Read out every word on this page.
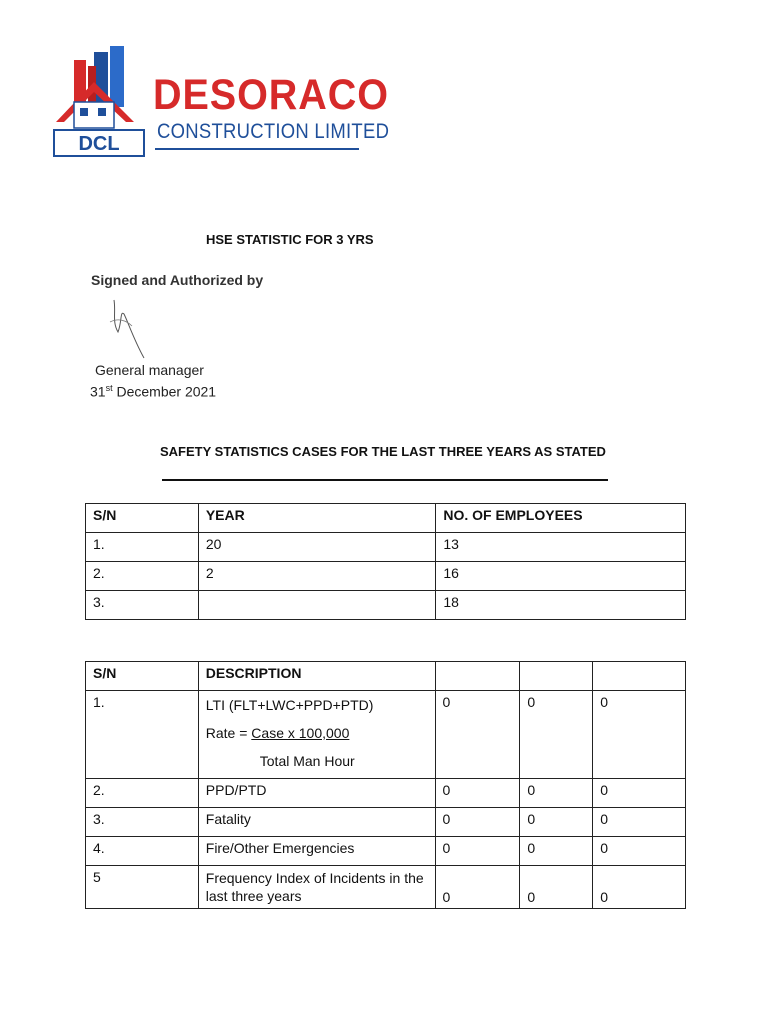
DCL
DESORACO
CONSTRUCTION LIMITED
HSE STATISTIC FOR 3 YRS
Signed and Authorized by
General manager
31st December 2021
SAFETY STATISTICS CASES FOR THE LAST THREE YEARS AS STATED
S/N	YEAR	NO. OF EMPLOYEES
1.	20	13
2.	2	16
3.		18
S/N	DESCRIPTION			
1.	LTI (FLT+LWC+PPD+PTD)
Rate = Case x 100,000
Total Man Hour	0	0	0
2.	PPD/PTD	0	0	0
3.	Fatality	0	0	0
4.	Fire/Other Emergencies	0	0	0
5	Frequency Index of Incidents in the last three years	0	0	0
